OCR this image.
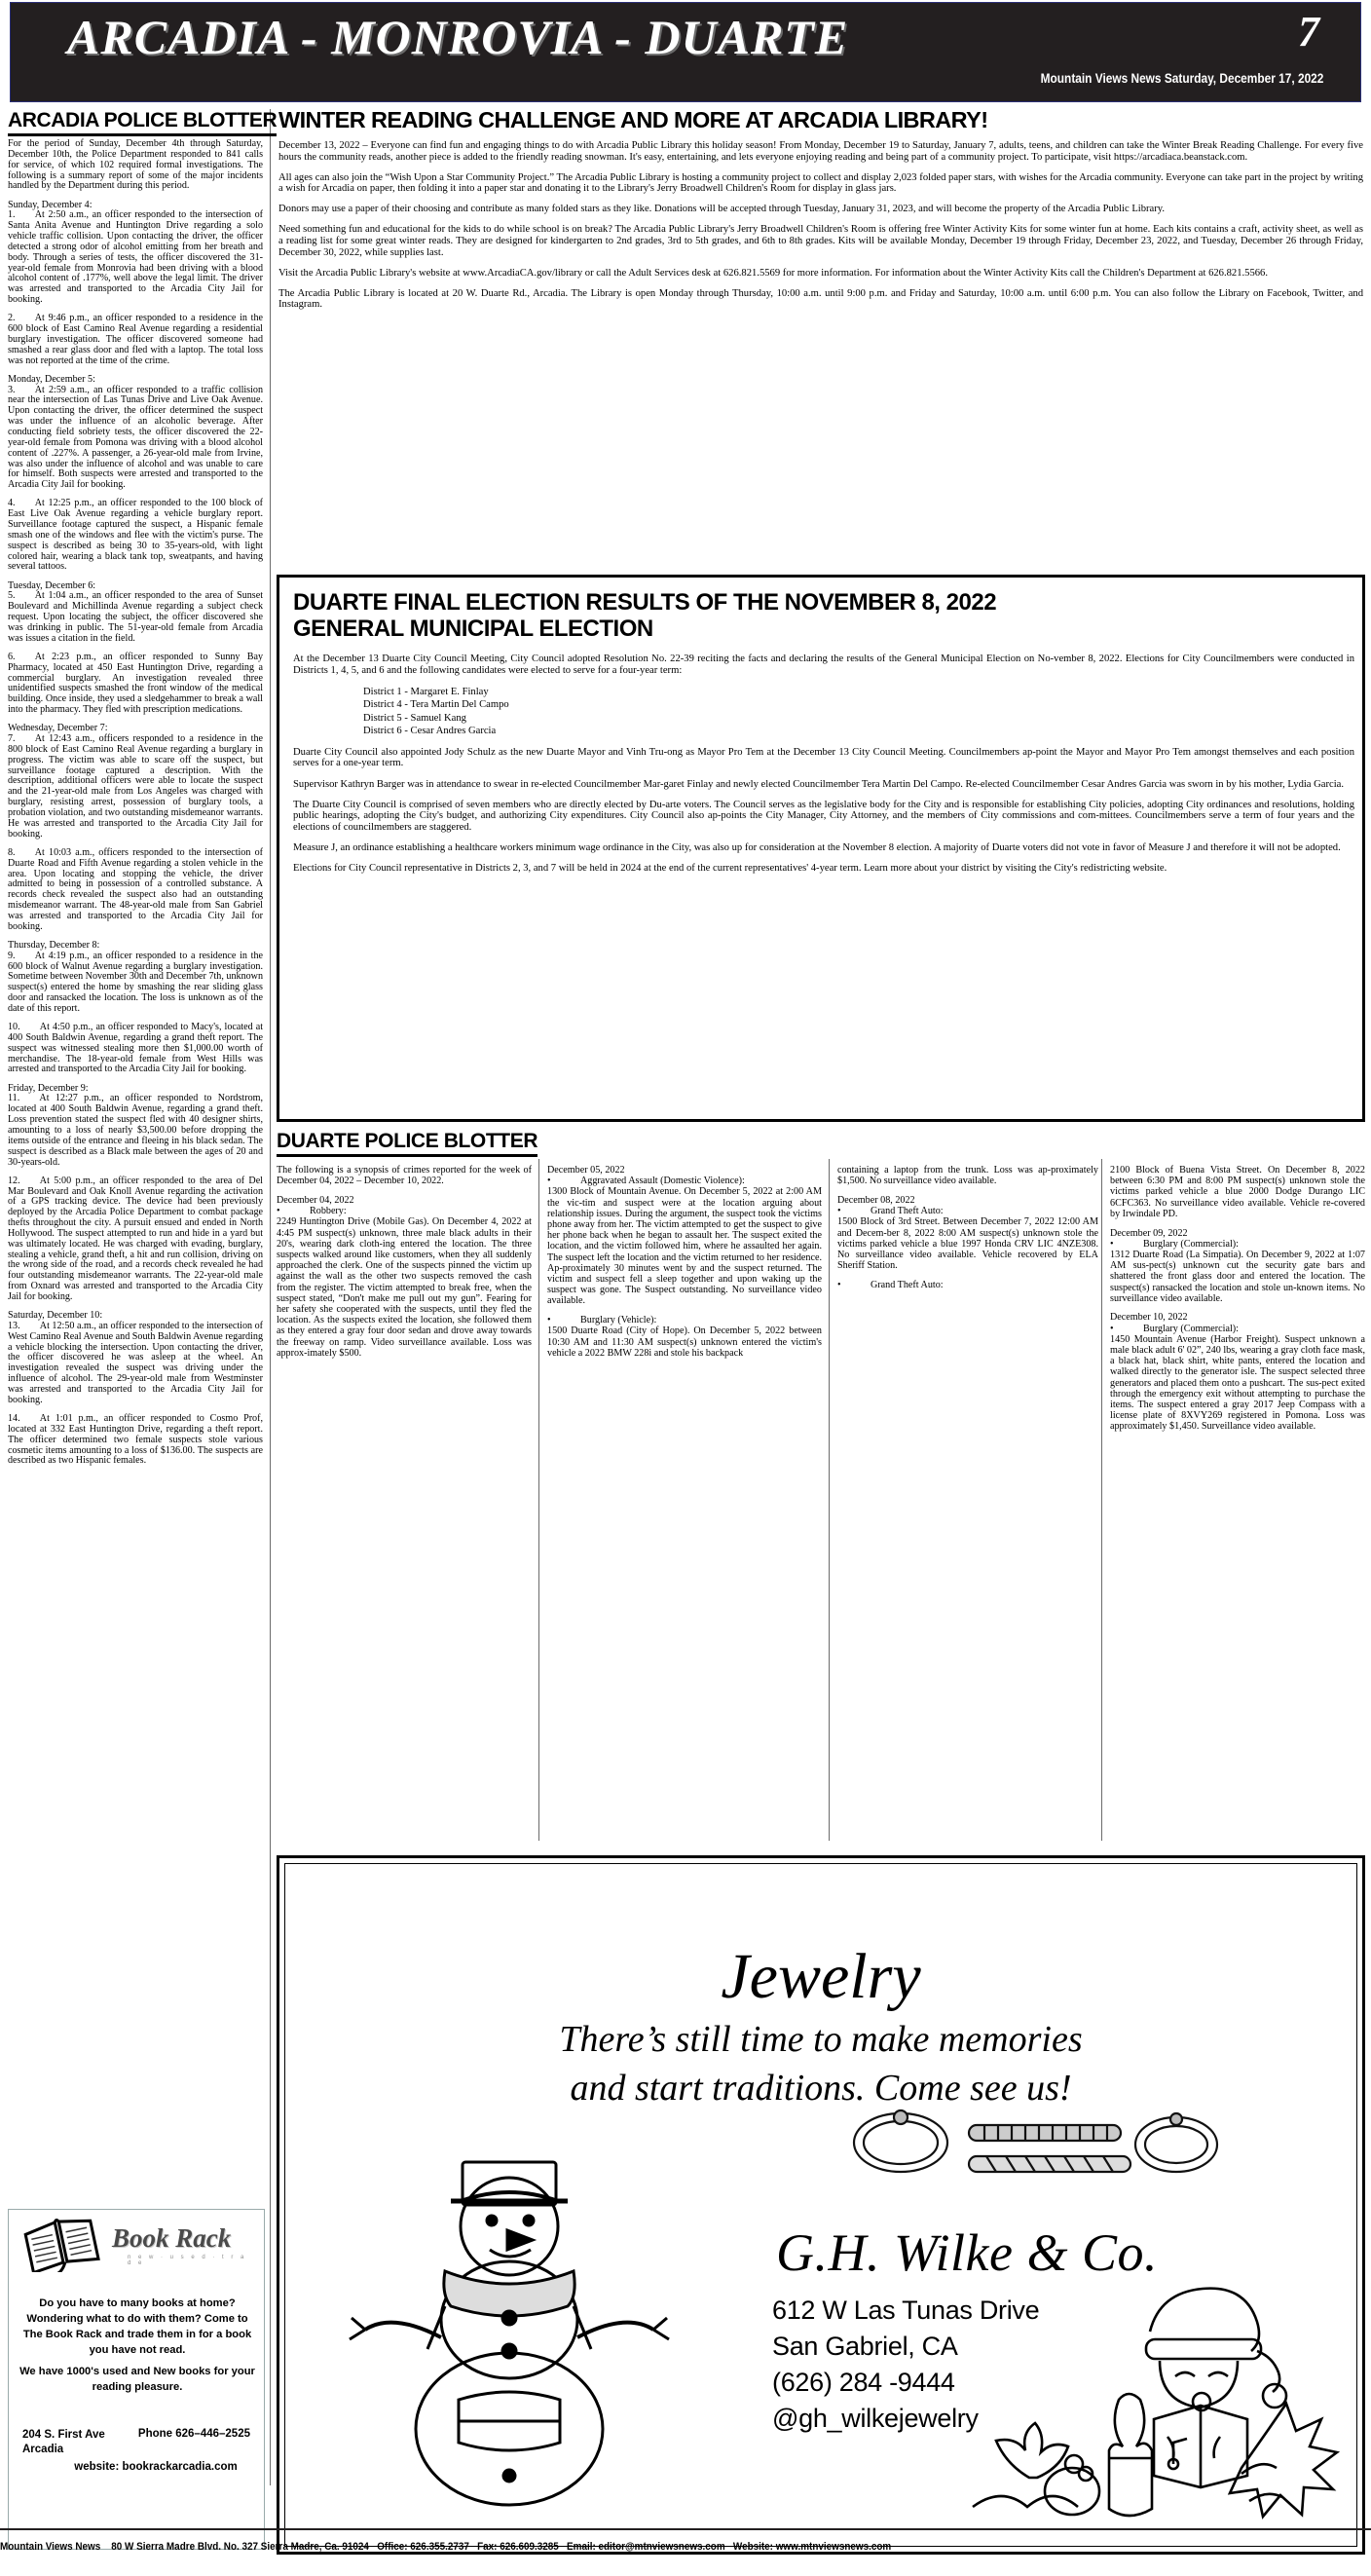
ARCADIA - MONROVIA - DUARTE	7
Mountain Views News Saturday, December 17, 2022
ARCADIA POLICE BLOTTER

For the period of Sunday, December 4th through Saturday, December 10th, the Police Department responded to 841 calls for service, of which 102 required formal investigations. The following is a summary report of some of the major incidents handled by the Department during this period.

Sunday, December 4:

1.  At 2:50 a.m., an officer responded to the intersection of Santa Anita Avenue and Huntington Drive regarding a solo vehicle traffic collision. Upon contacting the driver, the officer detected a strong odor of alcohol emitting from her breath and body. Through a series of tests, the officer discovered the 31-year-old female from Monrovia had been driving with a blood alcohol content of .177%, well above the legal limit. The driver was arrested and transported to the Arcadia City Jail for booking.

2.  At 9:46 p.m., an officer responded to a residence in the 600 block of East Camino Real Avenue regarding a residential burglary investigation. The officer discovered someone had smashed a rear glass door and fled with a laptop. The total loss was not reported at the time of the crime.

Monday, December 5:

3.  At 2:59 a.m., an officer responded to a traffic collision near the intersection of Las Tunas Drive and Live Oak Avenue. Upon contacting the driver, the officer determined the suspect was under the influence of an alcoholic beverage. After conducting field sobriety tests, the officer discovered the 22-year-old female from Pomona was driving with a blood alcohol content of .227%. A passenger, a 26-year-old male from Irvine, was also under the influence of alcohol and was unable to care for himself. Both suspects were arrested and transported to the Arcadia City Jail for booking.

4.  At 12:25 p.m., an officer responded to the 100 block of East Live Oak Avenue regarding a vehicle burglary report. Surveillance footage captured the suspect, a Hispanic female smash one of the windows and flee with the victim's purse. The suspect is described as being 30 to 35-years-old, with light colored hair, wearing a black tank top, sweatpants, and having several tattoos.

Tuesday, December 6:

5.  At 1:04 a.m., an officer responded to the area of Sunset Boulevard and Michillinda Avenue regarding a subject check request. Upon locating the subject, the officer discovered she was drinking in public. The 51-year-old female from Arcadia was issues a citation in the field.

6.  At 2:23 p.m., an officer responded to Sunny Bay Pharmacy, located at 450 East Huntington Drive, regarding a commercial burglary. An investigation revealed three unidentified suspects smashed the front window of the medical building. Once inside, they used a sledgehammer to break a wall into the pharmacy. They fled with prescription medications.

Wednesday, December 7:

7.  At 12:43 a.m., officers responded to a residence in the 800 block of East Camino Real Avenue regarding a burglary in progress. The victim was able to scare off the suspect, but surveillance footage captured a description. With the description, additional officers were able to locate the suspect and the 21-year-old male from Los Angeles was charged with burglary, resisting arrest, possession of burglary tools, a probation violation, and two outstanding misdemeanor warrants. He was arrested and transported to the Arcadia City Jail for booking.

8.  At 10:03 a.m., officers responded to the intersection of Duarte Road and Fifth Avenue regarding a stolen vehicle in the area. Upon locating and stopping the vehicle, the driver admitted to being in possession of a controlled substance. A records check revealed the suspect also had an outstanding misdemeanor warrant. The 48-year-old male from San Gabriel was arrested and transported to the Arcadia City Jail for booking.

Thursday, December 8:

9.  At 4:19 p.m., an officer responded to a residence in the 600 block of Walnut Avenue regarding a burglary investigation. Sometime between November 30th and December 7th, unknown suspect(s) entered the home by smashing the rear sliding glass door and ransacked the location. The loss is unknown as of the date of this report.

10.  At 4:50 p.m., an officer responded to Macy's, located at 400 South Baldwin Avenue, regarding a grand theft report. The suspect was witnessed stealing more then $1,000.00 worth of merchandise. The 18-year-old female from West Hills was arrested and transported to the Arcadia City Jail for booking.

Friday, December 9:

11.  At 12:27 p.m., an officer responded to Nordstrom, located at 400 South Baldwin Avenue, regarding a grand theft. Loss prevention stated the suspect fled with 40 designer shirts, amounting to a loss of nearly $3,500.00 before dropping the items outside of the entrance and fleeing in his black sedan. The suspect is described as a Black male between the ages of 20 and 30-years-old.

12.  At 5:00 p.m., an officer responded to the area of Del Mar Boulevard and Oak Knoll Avenue regarding the activation of a GPS tracking device. The device had been previously deployed by the Arcadia Police Department to combat package thefts throughout the city. A pursuit ensued and ended in North Hollywood. The suspect attempted to run and hide in a yard but was ultimately located. He was charged with evading, burglary, stealing a vehicle, grand theft, a hit and run collision, driving on the wrong side of the road, and a records check revealed he had four outstanding misdemeanor warrants. The 22-year-old male from Oxnard was arrested and transported to the Arcadia City Jail for booking.

Saturday, December 10:

13.  At 12:50 a.m., an officer responded to the intersection of West Camino Real Avenue and South Baldwin Avenue regarding a vehicle blocking the intersection. Upon contacting the driver, the officer discovered he was asleep at the wheel. An investigation revealed the suspect was driving under the influence of alcohol. The 29-year-old male from Westminster was arrested and transported to the Arcadia City Jail for booking.

14.  At 1:01 p.m., an officer responded to Cosmo Prof, located at 332 East Huntington Drive, regarding a theft report. The officer determined two female suspects stole various cosmetic items amounting to a loss of $136.00. The suspects are described as two Hispanic females.

WINTER READING CHALLENGE AND MORE AT ARCADIA LIBRARY!

December 13, 2022 – Everyone can find fun and engaging things to do with Arcadia Public Library this holiday season! From Monday, December 19 to Saturday, January 7, adults, teens, and children can take the Winter Break Reading Challenge. For every five hours the community reads, another piece is added to the friendly reading snowman. It's easy, entertaining, and lets everyone enjoying reading and being part of a community project. To participate, visit https://arcadiaca.beanstack.com.

All ages can also join the “Wish Upon a Star Community Project.” The Arcadia Public Library is hosting a community project to collect and display 2,023 folded paper stars, with wishes for the Arcadia community. Everyone can take part in the project by writing a wish for Arcadia on paper, then folding it into a paper star and donating it to the Library's Jerry Broadwell Children's Room for display in glass jars.

Donors may use a paper of their choosing and contribute as many folded stars as they like. Donations will be accepted through Tuesday, January 31, 2023, and will become the property of the Arcadia Public Library.

Need something fun and educational for the kids to do while school is on break? The Arcadia Public Library's Jerry Broadwell Children's Room is offering free Winter Activity Kits for some winter fun at home. Each kits contains a craft, activity sheet, as well as a reading list for some great winter reads. They are designed for kindergarten to 2nd grades, 3rd to 5th grades, and 6th to 8th grades. Kits will be available Monday, December 19 through Friday, December 23, 2022, and Tuesday, December 26 through Friday, December 30, 2022, while supplies last.

Visit the Arcadia Public Library's website at www.ArcadiaCA.gov/library or call the Adult Services desk at 626.821.5569 for more information. For information about the Winter Activity Kits call the Children's Department at 626.821.5566.

The Arcadia Public Library is located at 20 W. Duarte Rd., Arcadia. The Library is open Monday through Thursday, 10:00 a.m. until 9:00 p.m. and Friday and Saturday, 10:00 a.m. until 6:00 p.m. You can also follow the Library on Facebook, Twitter, and Instagram.

DUARTE FINAL ELECTION RESULTS OF THE NOVEMBER 8, 2022
GENERAL MUNICIPAL ELECTION

At the December 13 Duarte City Council Meeting, City Council adopted Resolution No. 22-39 reciting the facts and declaring the results of the General Municipal Election on No-vember 8, 2022. Elections for City Councilmembers were conducted in Districts 1, 4, 5, and 6 and the following candidates were elected to serve for a four-year term:

District 1 - Margaret E. Finlay
District 4 - Tera Martin Del Campo
District 5 - Samuel Kang
District 6 - Cesar Andres Garcia

Duarte City Council also appointed Jody Schulz as the new Duarte Mayor and Vinh Tru-ong as Mayor Pro Tem at the December 13 City Council Meeting. Councilmembers ap-point the Mayor and Mayor Pro Tem amongst themselves and each position serves for a one-year term.

Supervisor Kathryn Barger was in attendance to swear in re-elected Councilmember Mar-garet Finlay and newly elected Councilmember Tera Martin Del Campo. Re-elected Councilmember Cesar Andres Garcia was sworn in by his mother, Lydia Garcia.

The Duarte City Council is comprised of seven members who are directly elected by Du-arte voters. The Council serves as the legislative body for the City and is responsible for establishing City policies, adopting City ordinances and resolutions, holding public hearings, adopting the City's budget, and authorizing City expenditures. City Council also ap-points the City Manager, City Attorney, and the members of City commissions and com-mittees. Councilmembers serve a term of four years and the elections of councilmembers are staggered.

Measure J, an ordinance establishing a healthcare workers minimum wage ordinance in the City, was also up for consideration at the November 8 election. A majority of Duarte voters did not vote in favor of Measure J and therefore it will not be adopted.

Elections for City Council representative in Districts 2, 3, and 7 will be held in 2024 at the end of the current representatives' 4-year term. Learn more about your district by visiting the City's redistricting website.

DUARTE POLICE BLOTTER

The following is a synopsis of crimes reported for the week of December 04, 2022 – December 10, 2022.

December 04, 2022

•	Robbery:

2249 Huntington Drive (Mobile Gas). On December 4, 2022 at 4:45 PM suspect(s) unknown, three male black adults in their 20's, wearing dark cloth-ing entered the location. The three suspects walked around like customers, when they all suddenly approached the clerk. One of the suspects pinned the victim up against the wall as the other two suspects removed the cash from the register. The victim attempted to break free, when the suspect stated, “Don't make me pull out my gun”. Fearing for her safety she cooperated with the suspects, until they fled the location. As the suspects exited the location, she followed them as they entered a gray four door sedan and drove away towards the freeway on ramp. Video surveillance available. Loss was approx-imately $500.

December 05, 2022

•	Aggravated Assault (Domestic Violence):

1300 Block of Mountain Avenue. On December 5, 2022 at 2:00 AM the vic-tim and suspect were at the location arguing about relationship issues. During the argument, the suspect took the victims phone away from her. The victim attempted to get the suspect to give her phone back when he began to assault her. The suspect exited the location, and the victim followed him, where he assaulted her again. The suspect left the location and the victim returned to her residence. Ap-proximately 30 minutes went by and the suspect returned. The victim and suspect fell a sleep together and upon waking up the suspect was gone. The Suspect outstanding. No surveillance video available.

•	Burglary (Vehicle):

1500 Duarte Road (City of Hope). On December 5, 2022 between 10:30 AM and 11:30 AM suspect(s) unknown entered the victim's vehicle a 2022 BMW 228i and stole his backpack

containing a laptop from the trunk. Loss was ap-proximately $1,500. No surveillance video available.

December 08, 2022

•	Grand Theft Auto:

1500 Block of 3rd Street. Between December 7, 2022 12:00 AM and Decem-ber 8, 2022 8:00 AM suspect(s) unknown stole the victims parked vehicle a blue 1997 Honda CRV LIC 4NZE308. No surveillance video available. Vehicle recovered by ELA Sheriff Station.

•	Grand Theft Auto:

2100 Block of Buena Vista Street. On December 8, 2022 between 6:30 PM and 8:00 PM suspect(s) unknown stole the victims parked vehicle a blue 2000 Dodge Durango LIC 6CFC363. No surveillance video available. Vehicle re-covered by Irwindale PD.

December 09, 2022

•	Burglary (Commercial):

1312 Duarte Road (La Simpatia). On December 9, 2022 at 1:07 AM sus-pect(s) unknown cut the security gate bars and shattered the front glass door and entered the location. The suspect(s) ransacked the location and stole un-known items. No surveillance video available.

December 10, 2022

•	Burglary (Commercial):

1450 Mountain Avenue (Harbor Freight). Suspect unknown a male black adult 6' 02”, 240 lbs, wearing a gray cloth face mask, a black hat, black shirt, white pants, entered the location and walked directly to the generator isle. The suspect selected three generators and placed them onto a pushcart. The sus-pect exited through the emergency exit without attempting to purchase the items. The suspect entered a gray 2017 Jeep Compass with a license plate of 8XVY269 registered in Pomona. Loss was approximately $1,450. Surveillance video available.

Jewelry
There’s still time to make memories
and start traditions. Come see us!
G.H. Wilke & Co.
612 W Las Tunas Drive
San Gabriel, CA
(626) 284 -9444
@gh_wilkejewelry
Book Rack
n e w · u s e d · t r a d e
Do you have to many books at home? Wondering what to do with them? Come to The Book Rack and trade them in for a book you have not read.
We have 1000's used and New books for your reading pleasure.
204 S. First Ave
Arcadia
Phone 626–446–2525
website: bookrackarcadia.com
Mountain Views News 80 W Sierra Madre Blvd. No. 327 Sierra Madre, Ca. 91024 Office: 626.355.2737 Fax: 626.609.3285 Email: editor@mtnviewsnews.com Website: www.mtnviewsnews.com
